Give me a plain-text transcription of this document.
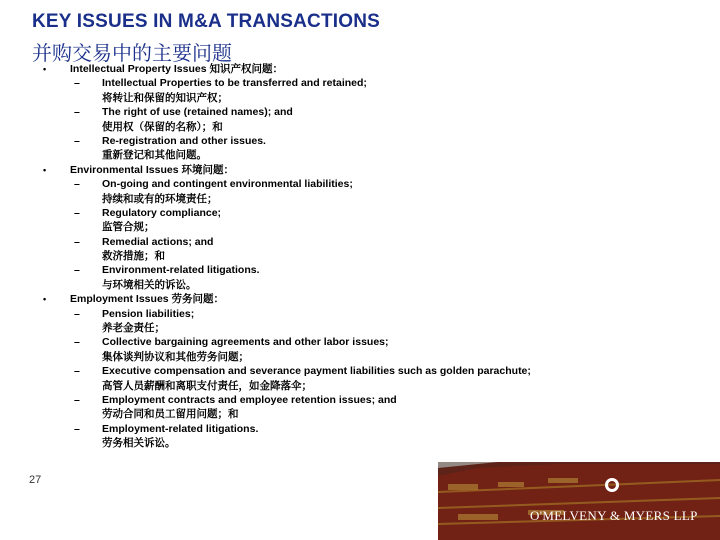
KEY ISSUES IN M&A TRANSACTIONS
并购交易中的主要问题
• Intellectual Property Issues 知识产权问题：
– Intellectual Properties to be transferred and retained;
将转让和保留的知识产权；
– The right of use (retained names); and
使用权（保留的名称）；和
– Re-registration and other issues.
重新登记和其他问题。
• Environmental Issues 环境问题：
– On-going and contingent environmental liabilities;
持续和或有的环境责任；
– Regulatory compliance;
监管合规；
– Remedial actions; and
救济措施；和
– Environment-related litigations.
与环境相关的诉讼。
• Employment Issues 劳务问题：
– Pension liabilities;
养老金责任；
– Collective bargaining agreements and other labor issues;
集体谈判协议和其他劳务问题；
– Executive compensation and severance payment liabilities such as golden parachute;
高管人员薪酬和离职支付责任，如金降落伞；
– Employment contracts and employee retention issues; and
劳动合同和员工留用问题；和
– Employment-related litigations.
劳务相关诉讼。
27
O'MELVENY & MYERS LLP
